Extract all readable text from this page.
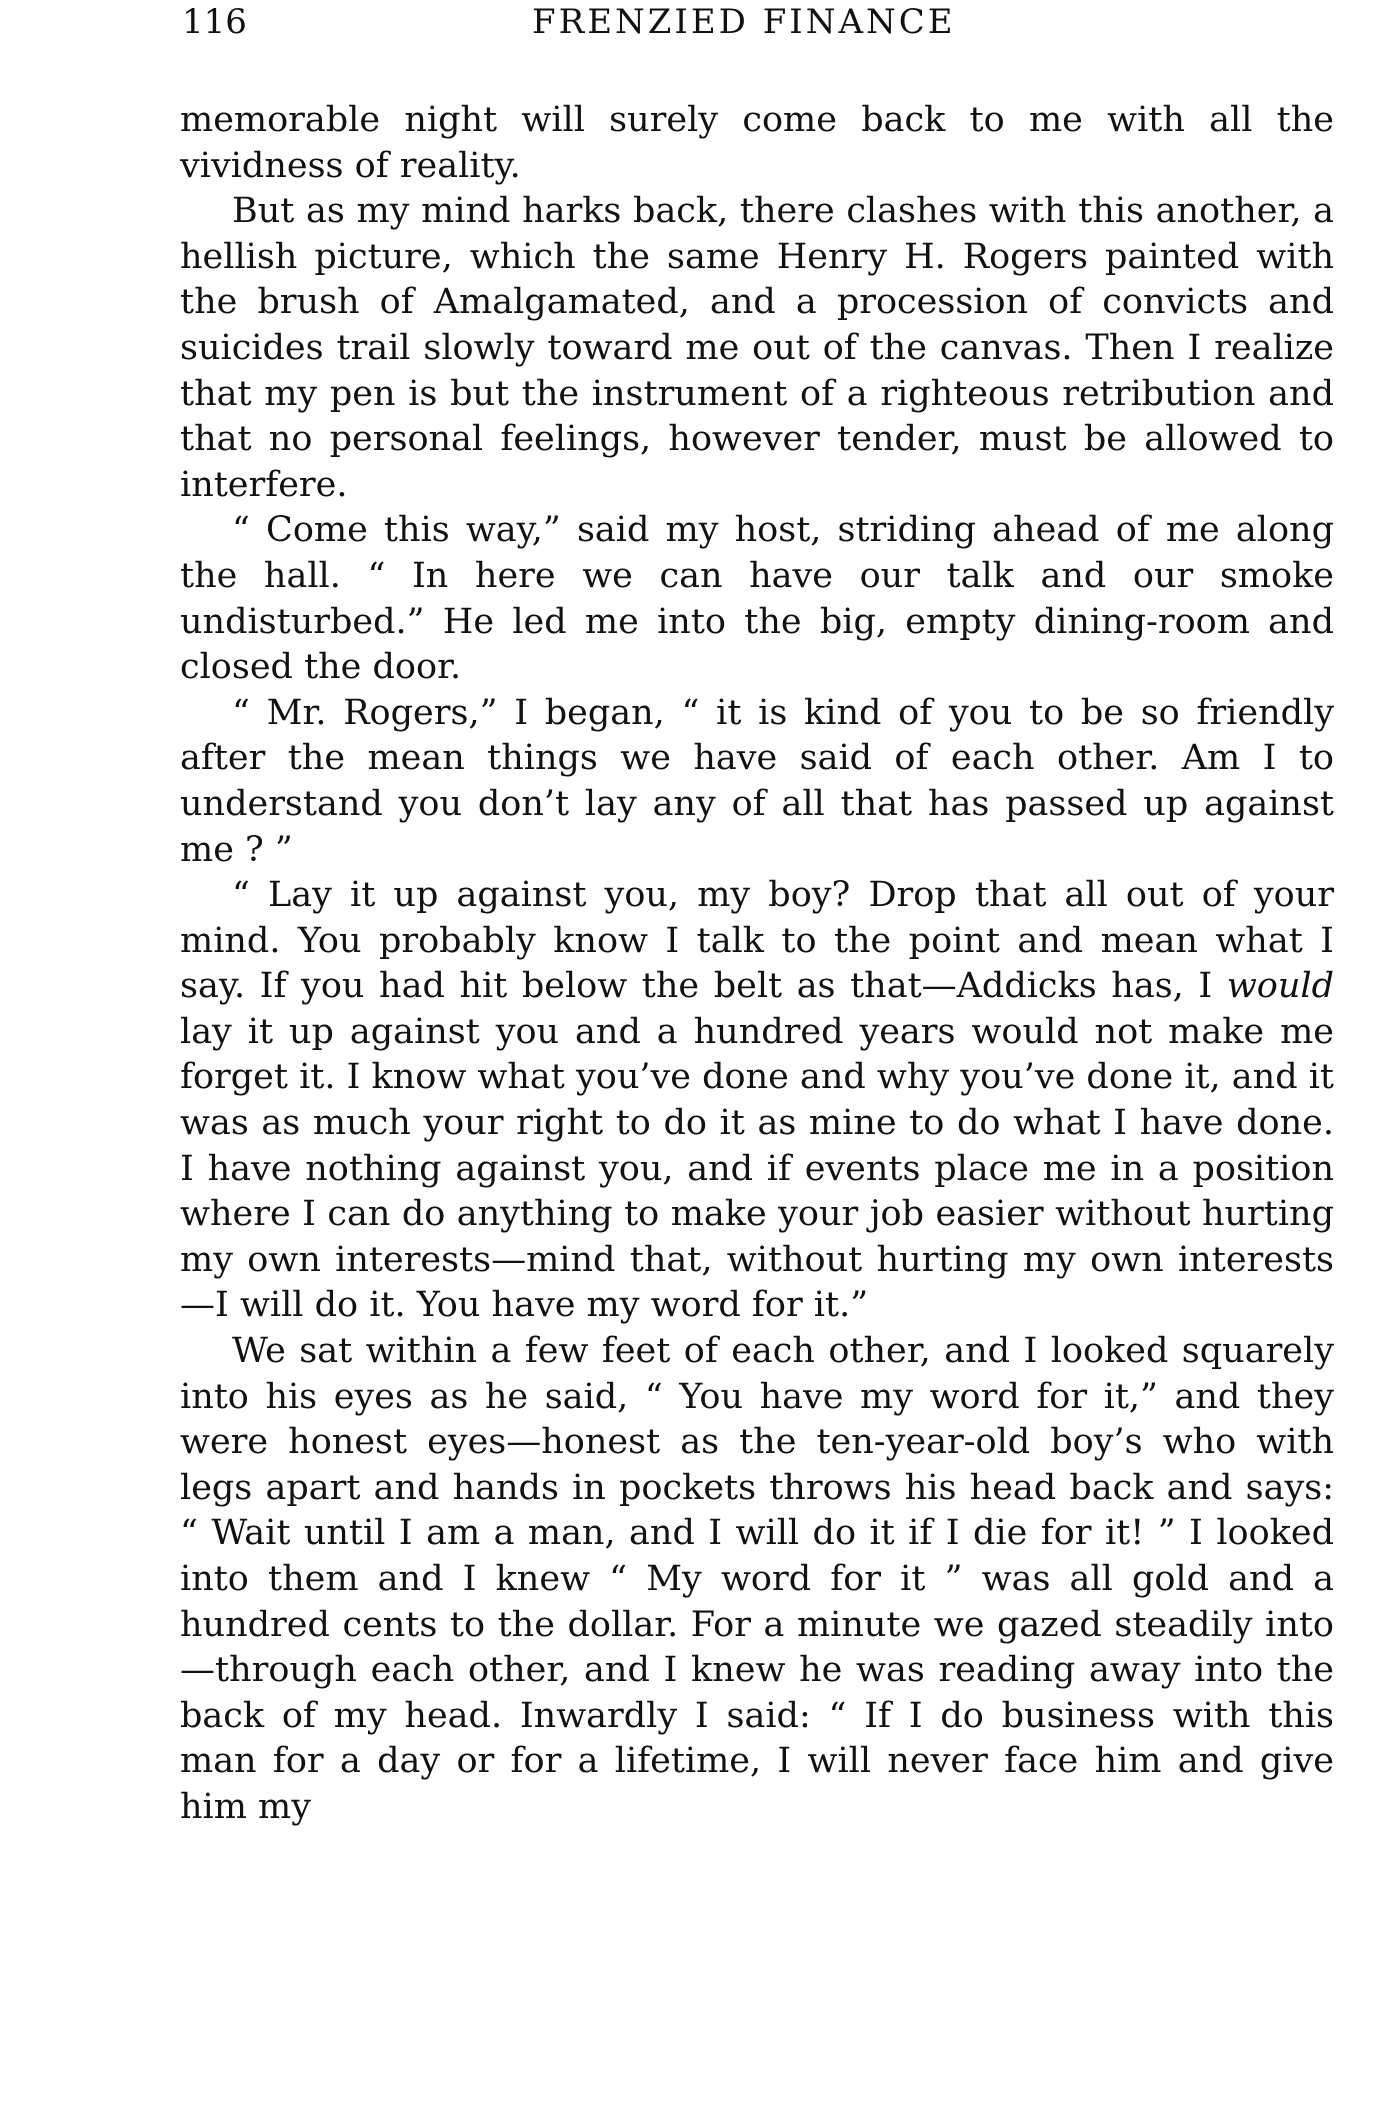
116	FRENZIED FINANCE

memorable night will surely come back to me with all the vividness of reality.

But as my mind harks back, there clashes with this another, a hellish picture, which the same Henry H. Rogers painted with the brush of Amalgamated, and a procession of convicts and suicides trail slowly toward me out of the canvas. Then I realize that my pen is but the instrument of a righteous retribution and that no personal feelings, however tender, must be allowed to interfere.

“ Come this way,” said my host, striding ahead of me along the hall. “ In here we can have our talk and our smoke undisturbed.” He led me into the big, empty dining-room and closed the door.

“ Mr. Rogers,” I began, “ it is kind of you to be so friendly after the mean things we have said of each other. Am I to understand you don’t lay any of all that has passed up against me ? ”

“ Lay it up against you, my boy? Drop that all out of your mind. You probably know I talk to the point and mean what I say. If you had hit below the belt as that—Addicks has, I would lay it up against you and a hundred years would not make me forget it. I know what you’ve done and why you’ve done it, and it was as much your right to do it as mine to do what I have done. I have nothing against you, and if events place me in a position where I can do anything to make your job easier without hurting my own interests—mind that, without hurting my own interests—I will do it. You have my word for it.”

We sat within a few feet of each other, and I looked squarely into his eyes as he said, “ You have my word for it,” and they were honest eyes—honest as the ten-year-old boy’s who with legs apart and hands in pockets throws his head back and says: “ Wait until I am a man, and I will do it if I die for it! ” I looked into them and I knew “ My word for it ” was all gold and a hundred cents to the dollar. For a minute we gazed steadily into—through each other, and I knew he was reading away into the back of my head. Inwardly I said: “ If I do business with this man for a day or for a lifetime, I will never face him and give him my
